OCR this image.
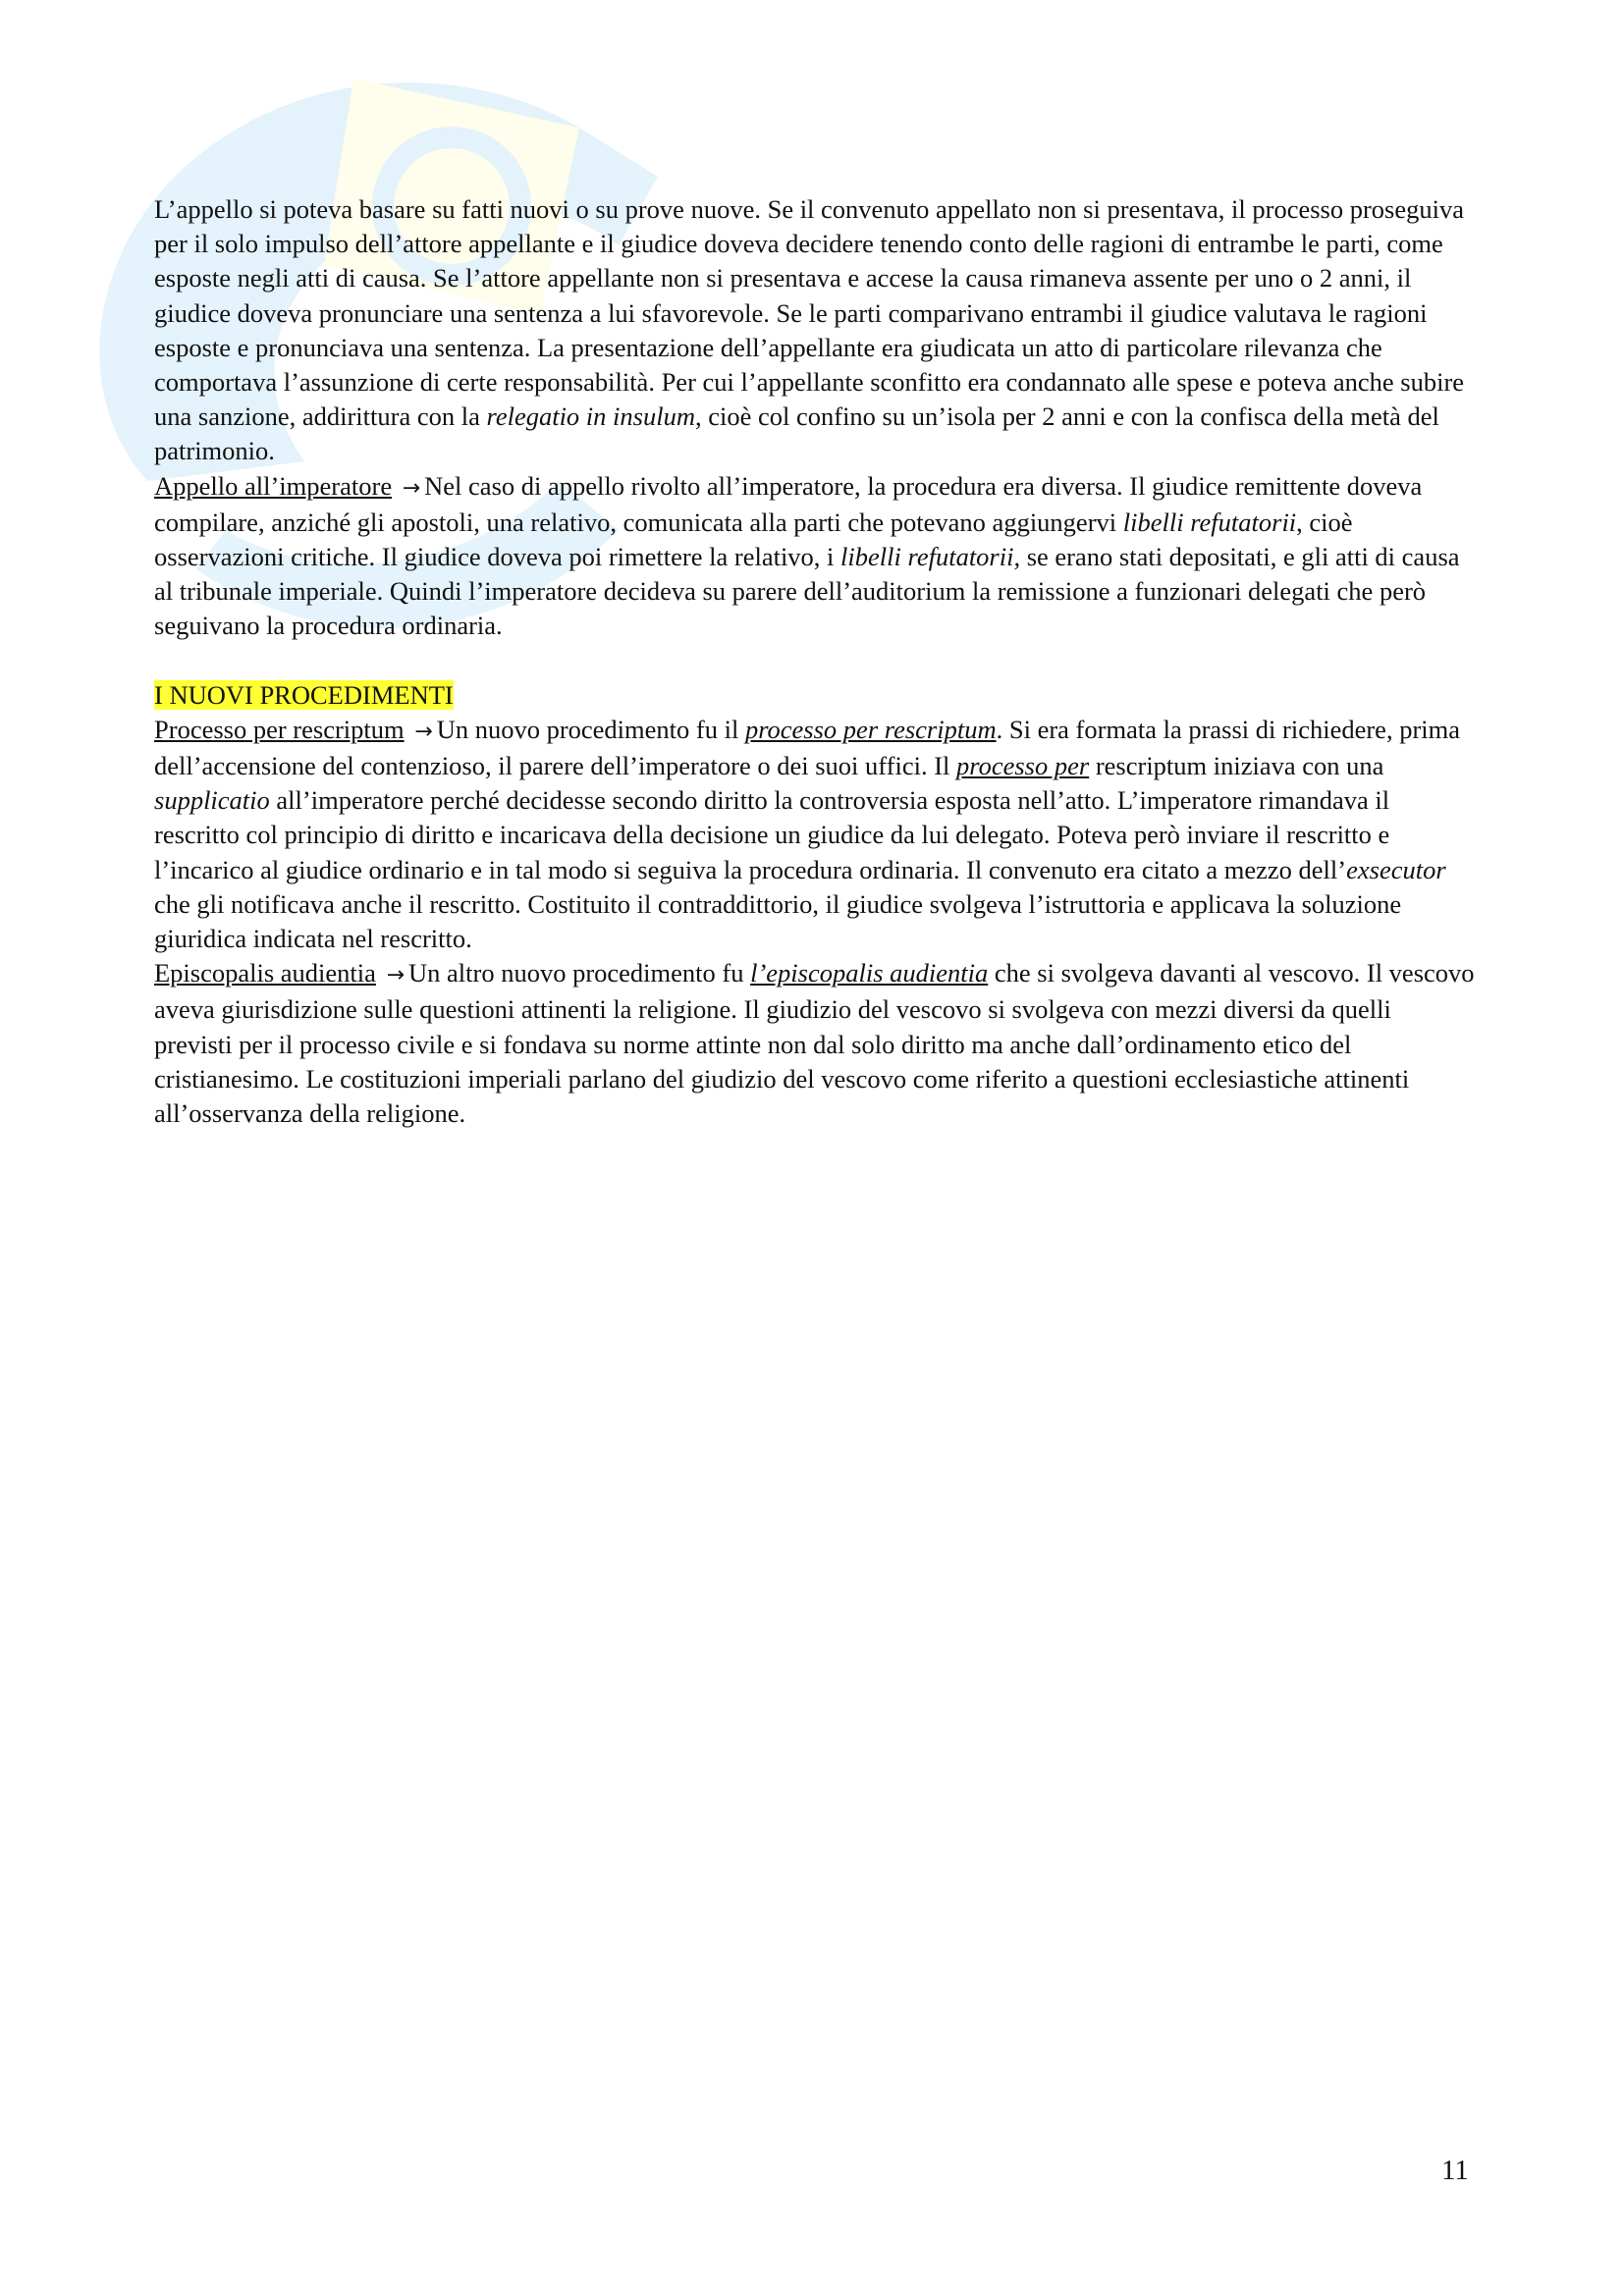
L’appello si poteva basare su fatti nuovi o su prove nuove. Se il convenuto appellato non si presentava, il processo proseguiva per il solo impulso dell’attore appellante e il giudice doveva decidere tenendo conto delle ragioni di entrambe le parti, come esposte negli atti di causa. Se l’attore appellante non si presentava e accese la causa rimaneva assente per uno o 2 anni, il giudice doveva pronunciare una sentenza a lui sfavorevole. Se le parti comparivano entrambi il giudice valutava le ragioni esposte e pronunciava una sentenza. La presentazione dell’appellante era giudicata un atto di particolare rilevanza che comportava l’assunzione di certe responsabilità. Per cui l’appellante sconfitto era condannato alle spese e poteva anche subire una sanzione, addirittura con la relegatio in insulum, cioè col confino su un’isola per 2 anni e con la confisca della metà del patrimonio.

Appello all’imperatore → Nel caso di appello rivolto all’imperatore, la procedura era diversa. Il giudice remittente doveva compilare, anziché gli apostoli, una relativo, comunicata alla parti che potevano aggiungervi libelli refutatorii, cioè osservazioni critiche. Il giudice doveva poi rimettere la relativo, i libelli refutatorii, se erano stati depositati, e gli atti di causa al tribunale imperiale. Quindi l’imperatore decideva su parere dell’auditorium la remissione a funzionari delegati che però seguivano la procedura ordinaria.

I NUOVI PROCEDIMENTI

Processo per rescriptum → Un nuovo procedimento fu il processo per rescriptum. Si era formata la prassi di richiedere, prima dell’accensione del contenzioso, il parere dell’imperatore o dei suoi uffici. Il processo per rescriptum iniziava con una supplicatio all’imperatore perché decidesse secondo diritto la controversia esposta nell’atto. L’imperatore rimandava il rescritto col principio di diritto e incaricava della decisione un giudice da lui delegato. Poteva però inviare il rescritto e l’incarico al giudice ordinario e in tal modo si seguiva la procedura ordinaria. Il convenuto era citato a mezzo dell’exsecutor che gli notificava anche il rescritto. Costituito il contraddittorio, il giudice svolgeva l’istruttoria e applicava la soluzione giuridica indicata nel rescritto.

Episcopalis audientia → Un altro nuovo procedimento fu l’episcopalis audientia che si svolgeva davanti al vescovo. Il vescovo aveva giurisdizione sulle questioni attinenti la religione. Il giudizio del vescovo si svolgeva con mezzi diversi da quelli previsti per il processo civile e si fondava su norme attinte non dal solo diritto ma anche dall’ordinamento etico del cristianesimo. Le costituzioni imperiali parlano del giudizio del vescovo come riferito a questioni ecclesiastiche attinenti all’osservanza della religione.

11
